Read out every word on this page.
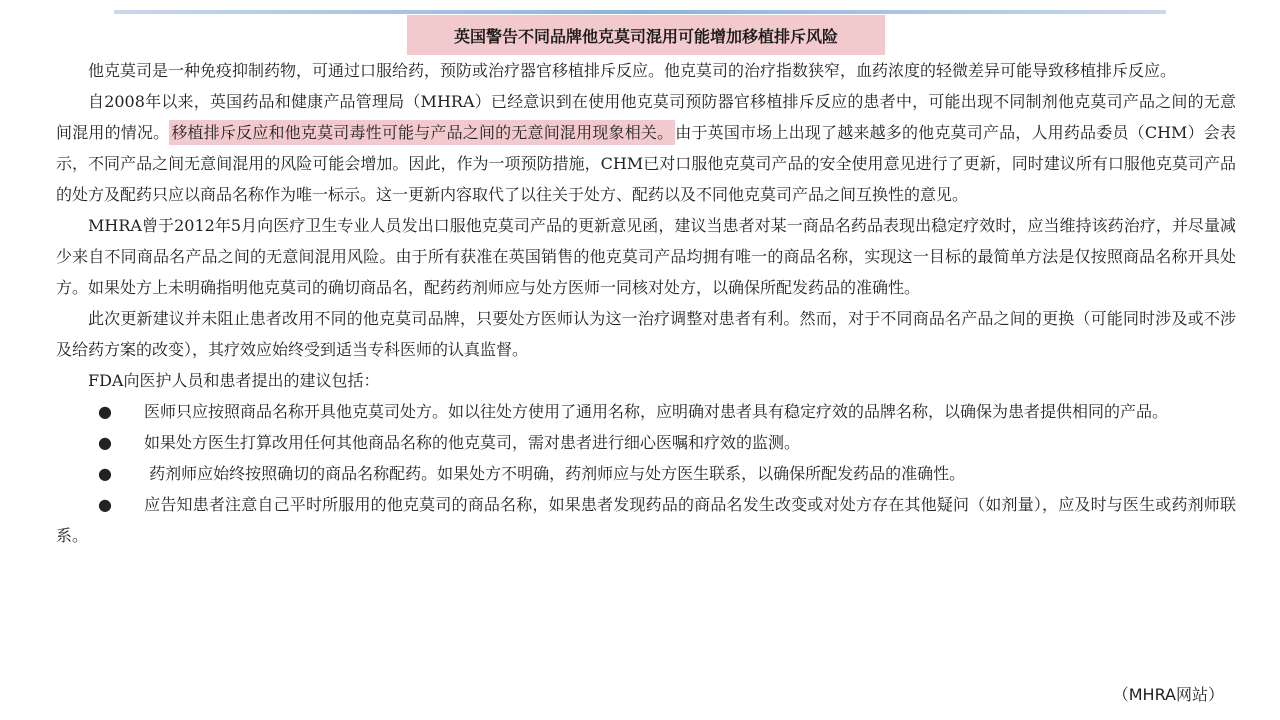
英国警告不同品牌他克莫司混用可能增加移植排斥风险

他克莫司是一种免疫抑制药物，可通过口服给药，预防或治疗器官移植排斥反应。他克莫司的治疗指数狭窄，血药浓度的轻微差异可能导致移植排斥反应。

自2008年以来，英国药品和健康产品管理局（MHRA）已经意识到在使用他克莫司预防器官移植排斥反应的患者中，可能出现不同制剂他克莫司产品之间的无意间混用的情况。 移植排斥反应和他克莫司毒性可能与产品之间的无意间混用现象相关。 由于英国市场上出现了越来越多的他克莫司产品，人用药品委员（CHM）会表示，不同产品之间无意间混用的风险可能会增加。因此，作为一项预防措施，CHM已对口服他克莫司产品的安全使用意见进行了更新，同时建议所有口服他克莫司产品的处方及配药只应以商品名称作为唯一标示。这一更新内容取代了以往关于处方、配药以及不同他克莫司产品之间互换性的意见。

MHRA曾于2012年5月向医疗卫生专业人员发出口服他克莫司产品的更新意见函，建议当患者对某一商品名药品表现出稳定疗效时，应当维持该药治疗，并尽量减少来自不同商品名产品之间的无意间混用风险。由于所有获准在英国销售的他克莫司产品均拥有唯一的商品名称，实现这一目标的最简单方法是仅按照商品名称开具处方。如果处方上未明确指明他克莫司的确切商品名，配药药剂师应与处方医师一同核对处方，以确保所配发药品的准确性。

此次更新建议并未阻止患者改用不同的他克莫司品牌，只要处方医师认为这一治疗调整对患者有利。然而，对于不同商品名产品之间的更换（可能同时涉及或不涉及给药方案的改变），其疗效应始终受到适当专科医师的认真监督。

FDA向医护人员和患者提出的建议包括：

● 医师只应按照商品名称开具他克莫司处方。如以往处方使用了通用名称，应明确对患者具有稳定疗效的品牌名称，以确保为患者提供相同的产品。

● 如果处方医生打算改用任何其他商品名称的他克莫司，需对患者进行细心医嘱和疗效的监测。

● 药剂师应始终按照确切的商品名称配药。如果处方不明确，药剂师应与处方医生联系，以确保所配发药品的准确性。

● 应告知患者注意自己平时所服用的他克莫司的商品名称，如果患者发现药品的商品名发生改变或对处方存在其他疑问（如剂量），应及时与医生或药剂师联系。

（MHRA网站）
